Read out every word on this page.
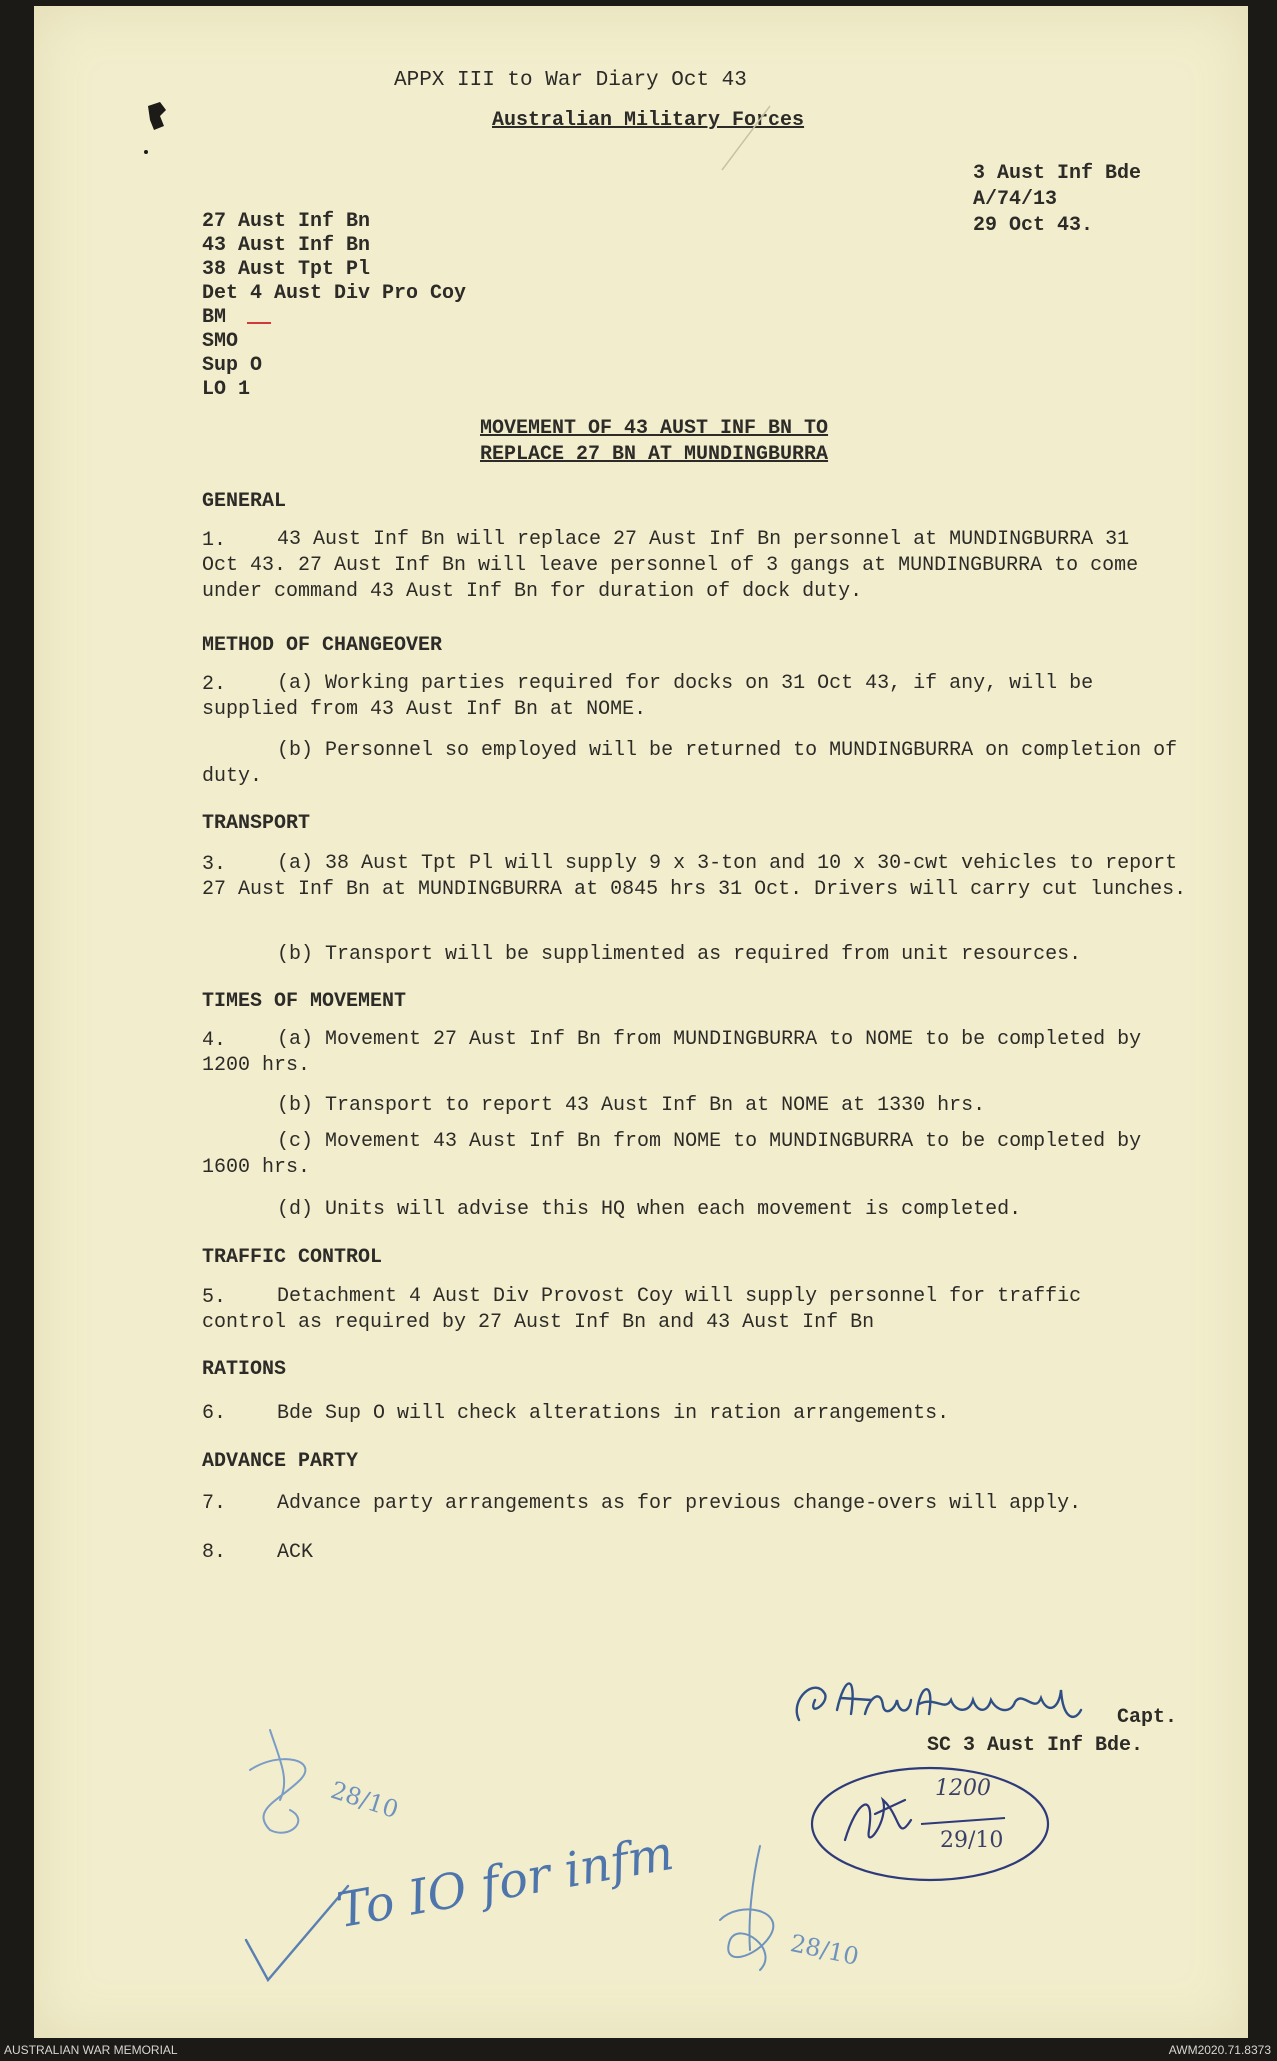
APPX III to War Diary Oct 43
Australian Military Forces
3 Aust Inf Bde
A/74/13
29 Oct 43.
27 Aust Inf Bn
43 Aust Inf Bn
38 Aust Tpt Pl
Det 4 Aust Div Pro Coy
BM
SMO
Sup O
LO 1
MOVEMENT OF 43 AUST INF BN TO
REPLACE 27 BN AT MUNDINGBURRA
GENERAL
1.	43 Aust Inf Bn will replace 27 Aust Inf Bn personnel at MUNDINGBURRA 31 Oct 43. 27 Aust Inf Bn will leave personnel of 3 gangs at MUNDINGBURRA to come under command 43 Aust Inf Bn for duration of dock duty.
METHOD OF CHANGEOVER
2.	(a) Working parties required for docks on 31 Oct 43, if any, will be supplied from 43 Aust Inf Bn at NOME.
(b) Personnel so employed will be returned to MUNDINGBURRA on completion of duty.
TRANSPORT
3.	(a) 38 Aust Tpt Pl will supply 9 x 3-ton and 10 x 30-cwt vehicles to report 27 Aust Inf Bn at MUNDINGBURRA at 0845 hrs 31 Oct. Drivers will carry cut lunches.
(b) Transport will be supplimented as required from unit resources.
TIMES OF MOVEMENT
4.	(a) Movement 27 Aust Inf Bn from MUNDINGBURRA to NOME to be completed by 1200 hrs.
(b) Transport to report 43 Aust Inf Bn at NOME at 1330 hrs.
(c) Movement 43 Aust Inf Bn from NOME to MUNDINGBURRA to be completed by 1600 hrs.
(d) Units will advise this HQ when each movement is completed.
TRAFFIC CONTROL
5.	Detachment 4 Aust Div Provost Coy will supply personnel for traffic control as required by 27 Aust Inf Bn and 43 Aust Inf Bn
RATIONS
6.	Bde Sup O will check alterations in ration arrangements.
ADVANCE PARTY
7.	Advance party arrangements as for previous change-overs will apply.
8.	ACK
Capt.
SC 3 Aust Inf Bde.
1200
29/10
28/10
To IO for infm
28/10
AUSTRALIAN WAR MEMORIAL	AWM2020.71.8373
